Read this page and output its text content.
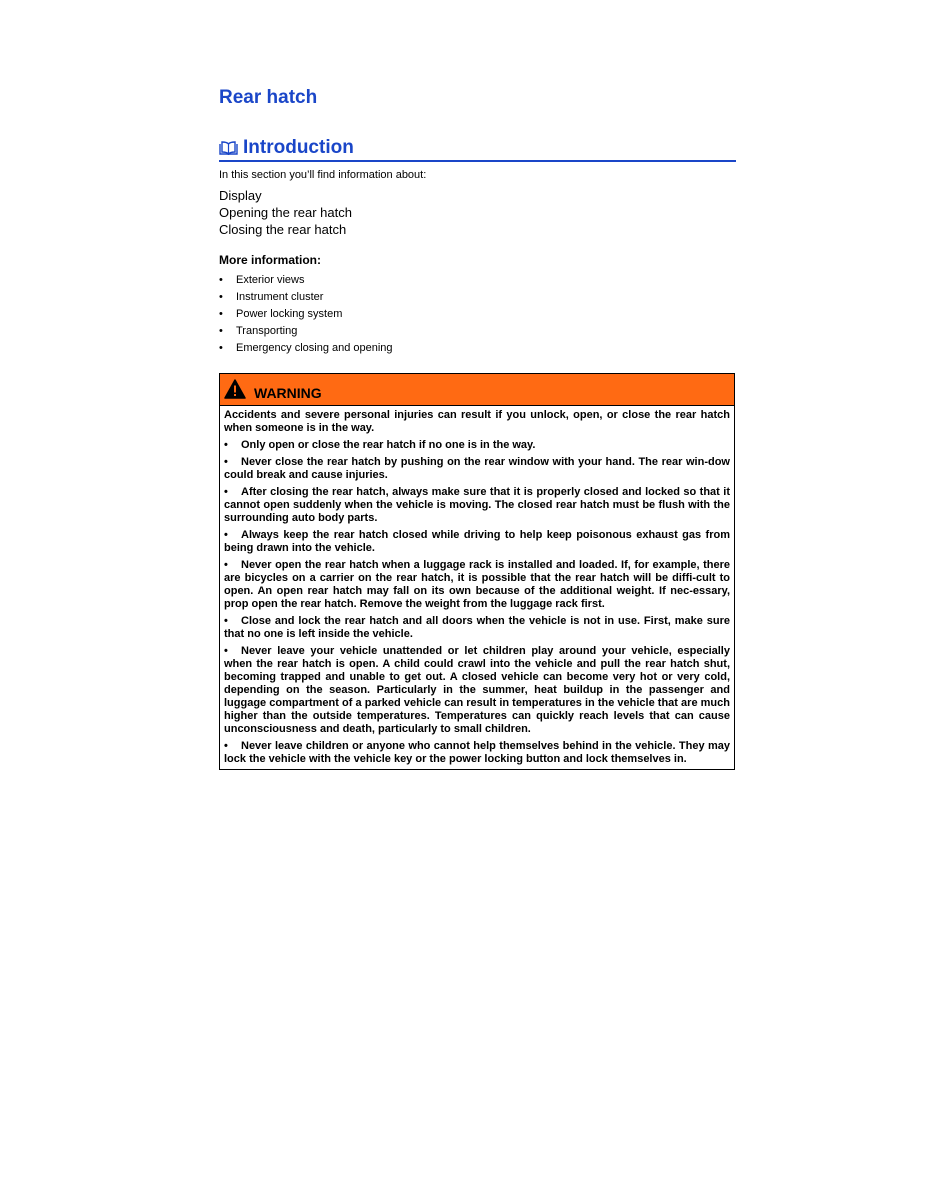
Rear hatch
Introduction
In this section you’ll find information about:
Display
Opening the rear hatch
Closing the rear hatch
More information:
• Exterior views
• Instrument cluster
• Power locking system
• Transporting
• Emergency closing and opening
WARNING

Accidents and severe personal injuries can result if you unlock, open, or close the rear hatch when someone is in the way.

• Only open or close the rear hatch if no one is in the way.

• Never close the rear hatch by pushing on the rear window with your hand. The rear win-dow could break and cause injuries.

• After closing the rear hatch, always make sure that it is properly closed and locked so that it cannot open suddenly when the vehicle is moving. The closed rear hatch must be flush with the surrounding auto body parts.

• Always keep the rear hatch closed while driving to help keep poisonous exhaust gas from being drawn into the vehicle.

• Never open the rear hatch when a luggage rack is installed and loaded. If, for example, there are bicycles on a carrier on the rear hatch, it is possible that the rear hatch will be diffi-cult to open. An open rear hatch may fall on its own because of the additional weight. If nec-essary, prop open the rear hatch. Remove the weight from the luggage rack first.

• Close and lock the rear hatch and all doors when the vehicle is not in use. First, make sure that no one is left inside the vehicle.

• Never leave your vehicle unattended or let children play around your vehicle, especially when the rear hatch is open. A child could crawl into the vehicle and pull the rear hatch shut, becoming trapped and unable to get out. A closed vehicle can become very hot or very cold, depending on the season. Particularly in the summer, heat buildup in the passenger and luggage compartment of a parked vehicle can result in temperatures in the vehicle that are much higher than the outside temperatures. Temperatures can quickly reach levels that can cause unconsciousness and death, particularly to small children.

• Never leave children or anyone who cannot help themselves behind in the vehicle. They may lock the vehicle with the vehicle key or the power locking button and lock themselves in.
